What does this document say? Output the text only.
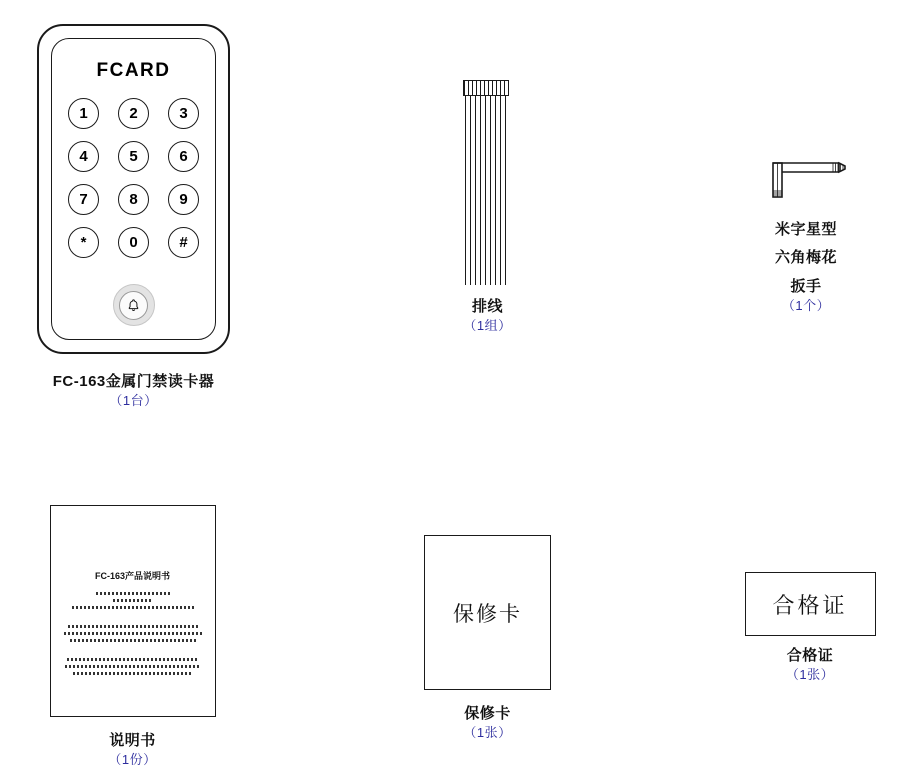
FCARD
1	2	3
4	5	6
7	8	9
*	0	#
FC-163金属门禁读卡器
（1台）
排线
（1组）
米字星型
六角梅花
扳手
（1个）
FC-163产品说明书
说明书
（1份）
保修卡
保修卡
（1张）
合格证
合格证
（1张）
